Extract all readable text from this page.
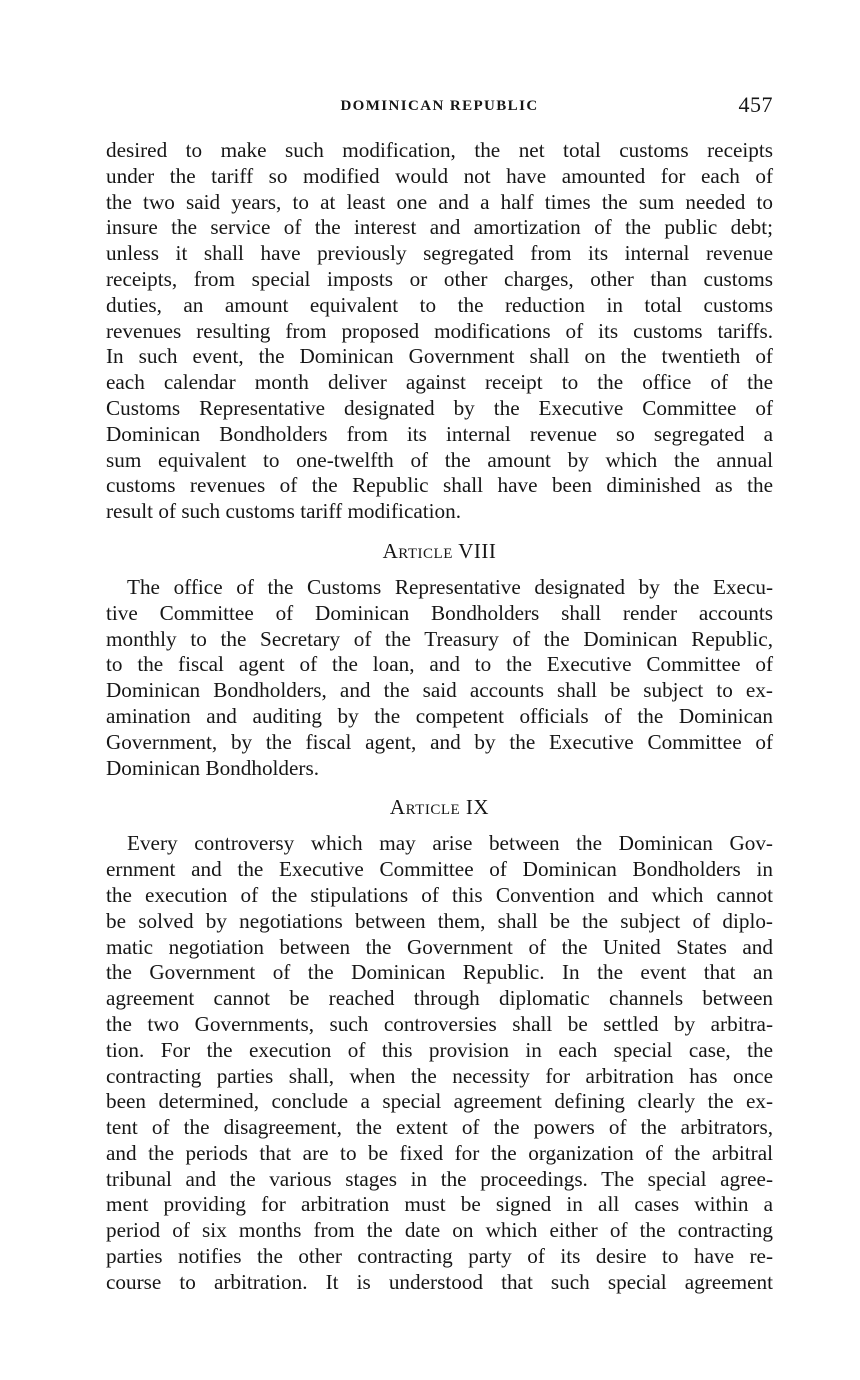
DOMINICAN REPUBLIC	457

desired to make such modification, the net total customs receipts
under the tariff so modified would not have amounted for each of
the two said years, to at least one and a half times the sum needed to
insure the service of the interest and amortization of the public debt;
unless it shall have previously segregated from its internal revenue
receipts, from special imposts or other charges, other than customs
duties, an amount equivalent to the reduction in total customs
revenues resulting from proposed modifications of its customs tariffs.
In such event, the Dominican Government shall on the twentieth of
each calendar month deliver against receipt to the office of the
Customs Representative designated by the Executive Committee of
Dominican Bondholders from its internal revenue so segregated a
sum equivalent to one-twelfth of the amount by which the annual
customs revenues of the Republic shall have been diminished as the
result of such customs tariff modification.

Article VIII

The office of the Customs Representative designated by the Execu-
tive Committee of Dominican Bondholders shall render accounts
monthly to the Secretary of the Treasury of the Dominican Republic,
to the fiscal agent of the loan, and to the Executive Committee of
Dominican Bondholders, and the said accounts shall be subject to ex-
amination and auditing by the competent officials of the Dominican
Government, by the fiscal agent, and by the Executive Committee of
Dominican Bondholders.

Article IX

Every controversy which may arise between the Dominican Gov-
ernment and the Executive Committee of Dominican Bondholders in
the execution of the stipulations of this Convention and which cannot
be solved by negotiations between them, shall be the subject of diplo-
matic negotiation between the Government of the United States and
the Government of the Dominican Republic. In the event that an
agreement cannot be reached through diplomatic channels between
the two Governments, such controversies shall be settled by arbitra-
tion. For the execution of this provision in each special case, the
contracting parties shall, when the necessity for arbitration has once
been determined, conclude a special agreement defining clearly the ex-
tent of the disagreement, the extent of the powers of the arbitrators,
and the periods that are to be fixed for the organization of the arbitral
tribunal and the various stages in the proceedings. The special agree-
ment providing for arbitration must be signed in all cases within a
period of six months from the date on which either of the contracting
parties notifies the other contracting party of its desire to have re-
course to arbitration. It is understood that such special agreement
